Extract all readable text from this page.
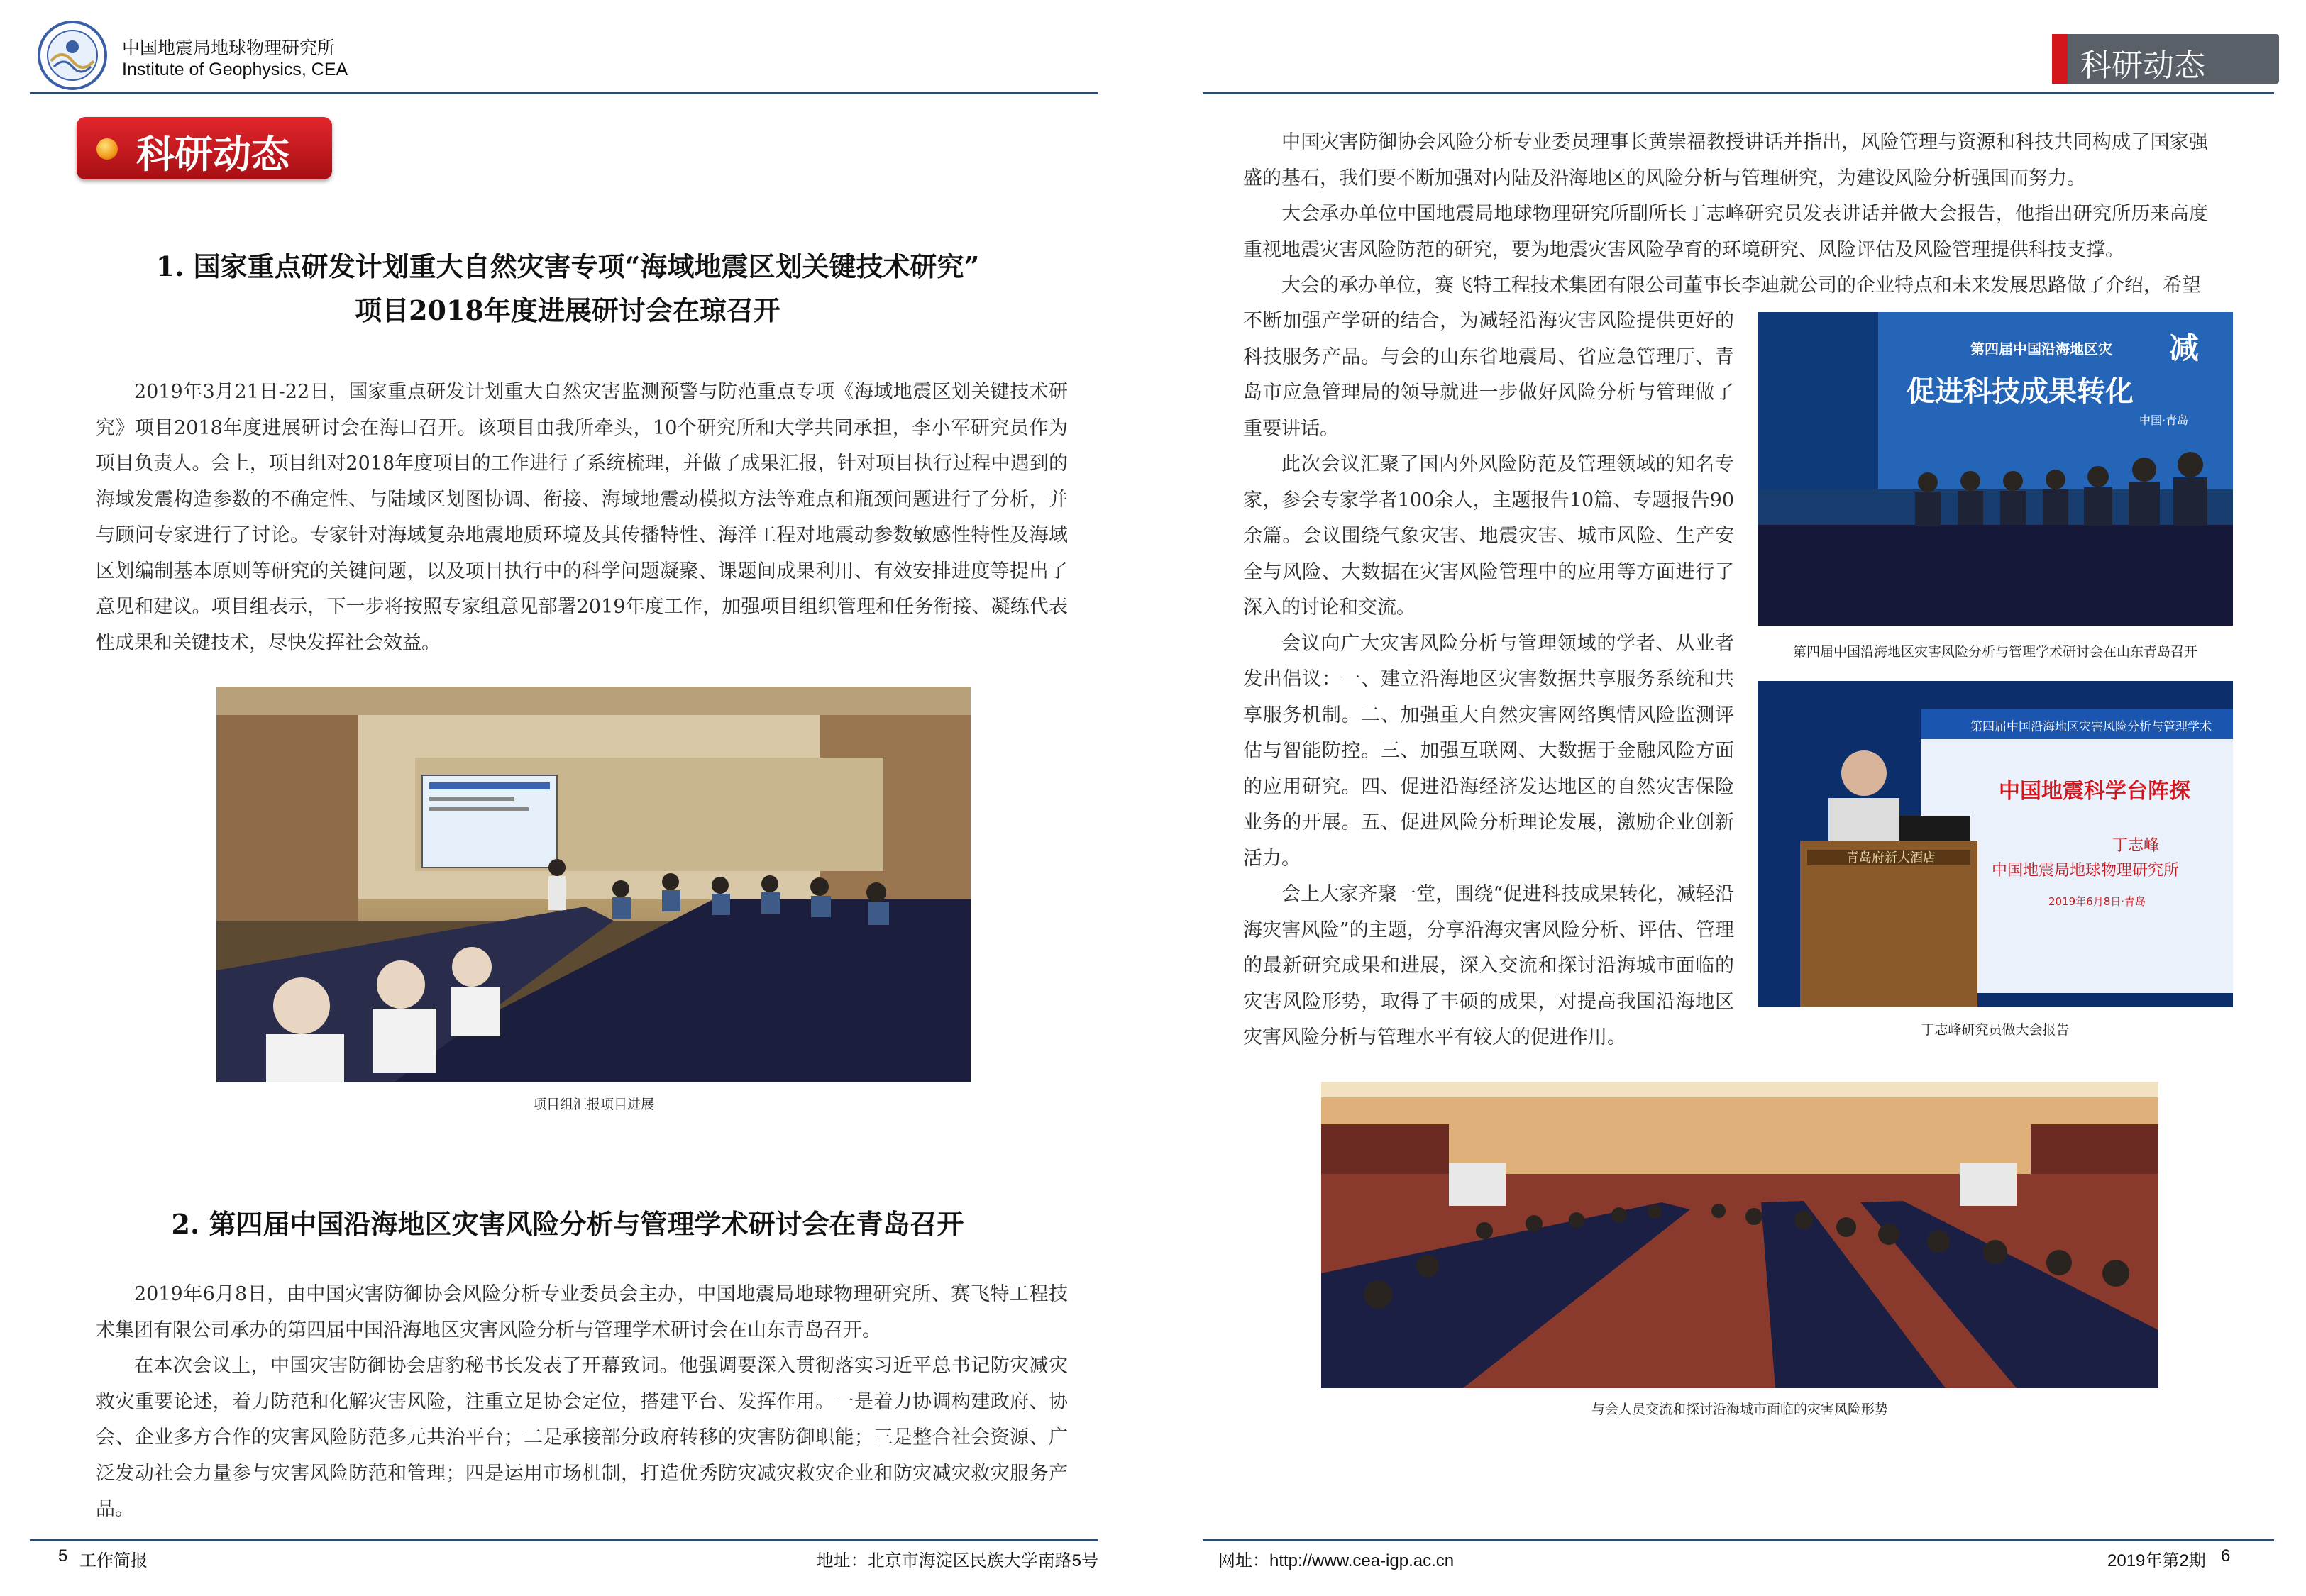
中国地震局地球物理研究所
Institute of Geophysics, CEA
科研动态
1. 国家重点研发计划重大自然灾害专项“海域地震区划关键技术研究”
项目2018年度进展研讨会在琼召开

2019年3月21日-22日，国家重点研发计划重大自然灾害监测预警与防范重点专项《海域地震区划关键技术研究》项目2018年度进展研讨会在海口召开。该项目由我所牵头，10个研究所和大学共同承担，李小军研究员作为项目负责人。会上，项目组对2018年度项目的工作进行了系统梳理，并做了成果汇报，针对项目执行过程中遇到的海域发震构造参数的不确定性、与陆域区划图协调、衔接、海域地震动模拟方法等难点和瓶颈问题进行了分析，并与顾问专家进行了讨论。专家针对海域复杂地震地质环境及其传播特性、海洋工程对地震动参数敏感性特性及海域区划编制基本原则等研究的关键问题，以及项目执行中的科学问题凝聚、课题间成果利用、有效安排进度等提出了意见和建议。项目组表示，下一步将按照专家组意见部署2019年度工作，加强项目组织管理和任务衔接、凝练代表性成果和关键技术，尽快发挥社会效益。

项目组汇报项目进展
2. 第四届中国沿海地区灾害风险分析与管理学术研讨会在青岛召开

2019年6月8日，由中国灾害防御协会风险分析专业委员会主办，中国地震局地球物理研究所、赛飞特工程技术集团有限公司承办的第四届中国沿海地区灾害风险分析与管理学术研讨会在山东青岛召开。

在本次会议上，中国灾害防御协会唐豹秘书长发表了开幕致词。他强调要深入贯彻落实习近平总书记防灾减灾救灾重要论述，着力防范和化解灾害风险，注重立足协会定位，搭建平台、发挥作用。一是着力协调构建政府、协会、企业多方合作的灾害风险防范多元共治平台；二是承接部分政府转移的灾害防御职能；三是整合社会资源、广泛发动社会力量参与灾害风险防范和管理；四是运用市场机制，打造优秀防灾减灾救灾企业和防灾减灾救灾服务产品。

5 工作简报	地址：北京市海淀区民族大学南路5号
科研动态

中国灾害防御协会风险分析专业委员理事长黄崇福教授讲话并指出，风险管理与资源和科技共同构成了国家强盛的基石，我们要不断加强对内陆及沿海地区的风险分析与管理研究，为建设风险分析强国而努力。

大会承办单位中国地震局地球物理研究所副所长丁志峰研究员发表讲话并做大会报告，他指出研究所历来高度重视地震灾害风险防范的研究，要为地震灾害风险孕育的环境研究、风险评估及风险管理提供科技支撑。

大会的承办单位，赛飞特工程技术集团有限公司董事长李迪就公司的企业特点和未来发展思路做了介绍，希望

不断加强产学研的结合，为减轻沿海灾害风险提供更好的科技服务产品。与会的山东省地震局、省应急管理厅、青岛市应急管理局的领导就进一步做好风险分析与管理做了重要讲话。

此次会议汇聚了国内外风险防范及管理领域的知名专家，参会专家学者100余人，主题报告10篇、专题报告90余篇。会议围绕气象灾害、地震灾害、城市风险、生产安全与风险、大数据在灾害风险管理中的应用等方面进行了深入的讨论和交流。

会议向广大灾害风险分析与管理领域的学者、从业者发出倡议：一、建立沿海地区灾害数据共享服务系统和共享服务机制。二、加强重大自然灾害网络舆情风险监测评估与智能防控。三、加强互联网、大数据于金融风险方面的应用研究。四、促进沿海经济发达地区的自然灾害保险业务的开展。五、促进风险分析理论发展，激励企业创新活力。

会上大家齐聚一堂，围绕“促进科技成果转化，减轻沿海灾害风险”的主题，分享沿海灾害风险分析、评估、管理的最新研究成果和进展，深入交流和探讨沿海城市面临的灾害风险形势，取得了丰硕的成果，对提高我国沿海地区灾害风险分析与管理水平有较大的促进作用。

第四届中国沿海地区灾
促进科技成果转化
减
中国·青岛
第四届中国沿海地区灾害风险分析与管理学术研讨会在山东青岛召开
第四届中国沿海地区灾害风险分析与管理学术
中国地震科学台阵探
丁志峰
中国地震局地球物理研究所
2019年6月8日·青岛
青岛府新大酒店
丁志峰研究员做大会报告
与会人员交流和探讨沿海城市面临的灾害风险形势
网址：http://www.cea-igp.ac.cn	2019年第2期 6
